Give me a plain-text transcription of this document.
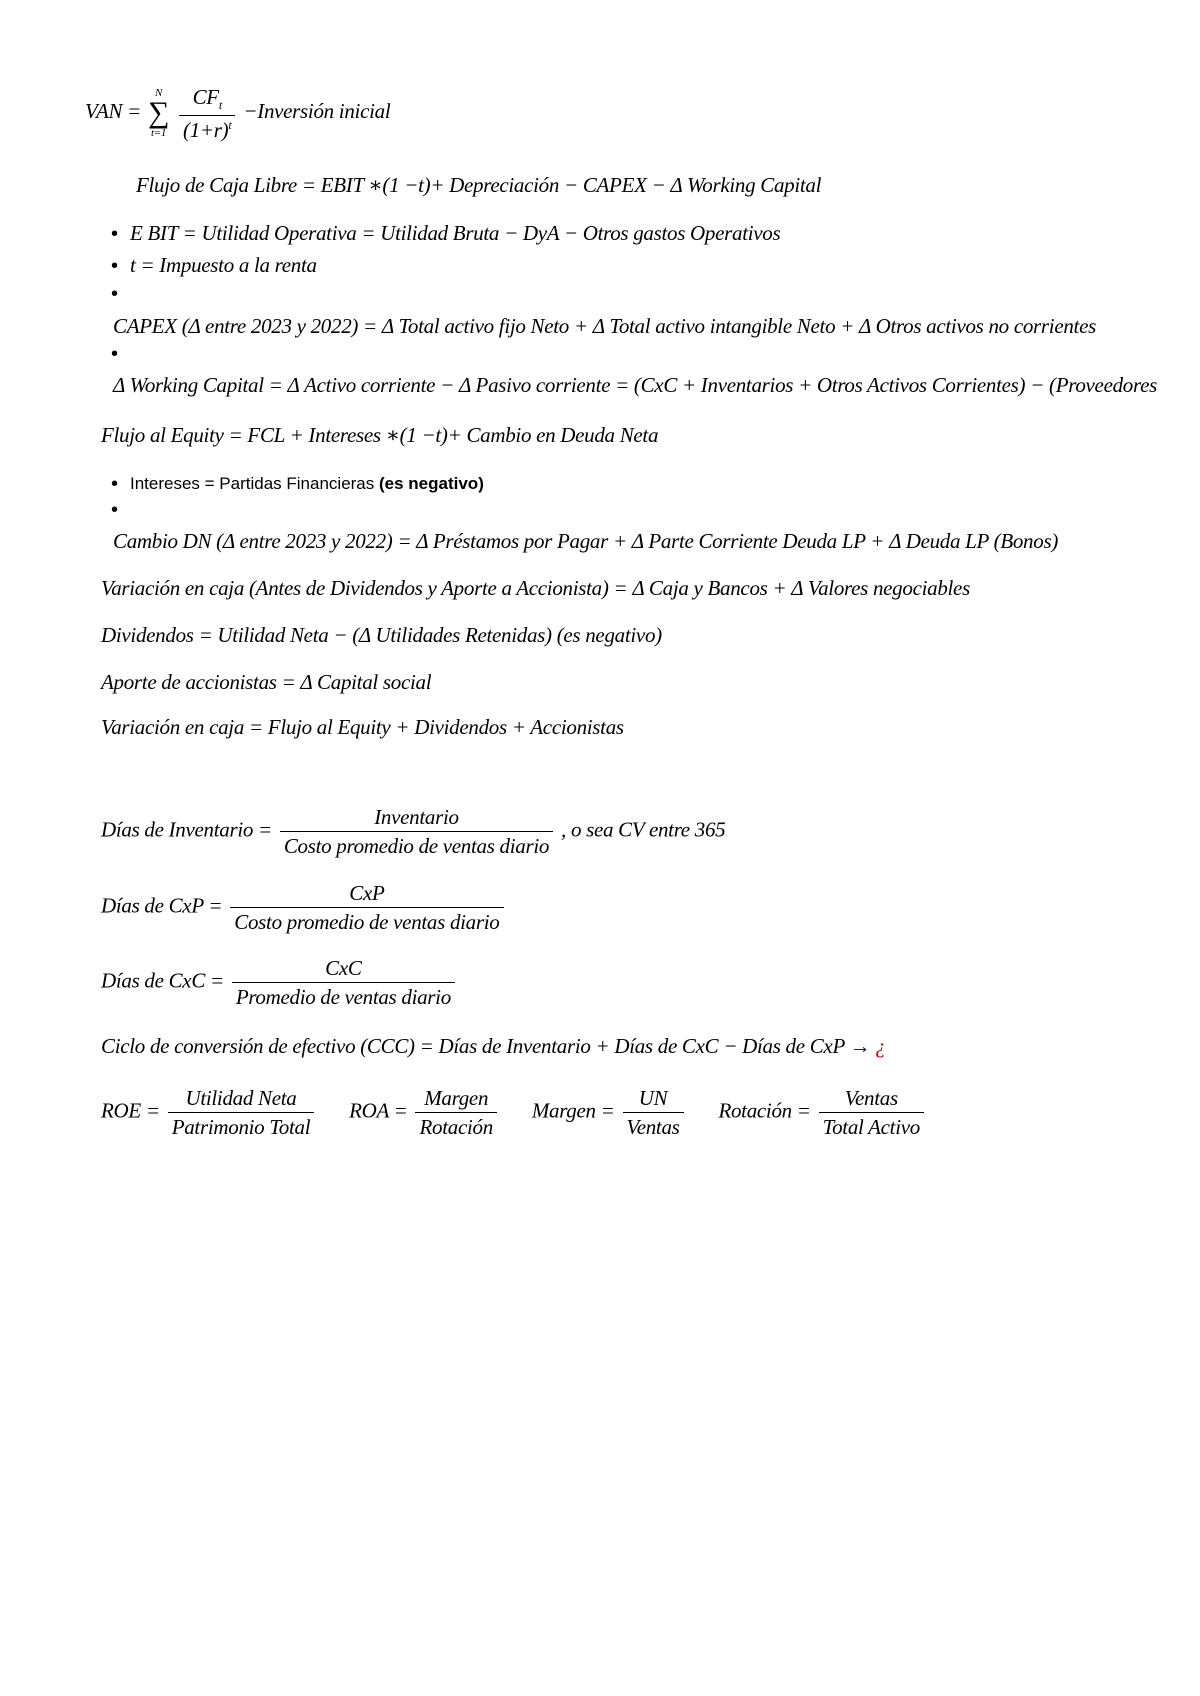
VAN =
N
∑
t=1
$\frac{CF_t}{(1+r)^t}$ −Inversión inicial
Flujo de Caja Libre = EBIT ∗(1 −t)+ Depreciación − CAPEX − Δ Working Capital
• E BIT = Utilidad Operativa = Utilidad Bruta − DyA − Otros gastos Operativos
• t = Impuesto a la renta
•
CAPEX (Δ entre 2023 y 2022) = Δ Total activo fijo Neto + Δ Total activo intangible Neto + Δ Otros activos no corrientes
•
Δ Working Capital = Δ Activo corriente − Δ Pasivo corriente = (CxC + Inventarios + Otros Activos Corrientes) − (Proveedores
Flujo al Equity = FCL + Intereses ∗(1 −t)+ Cambio en Deuda Neta
• Intereses = Partidas Financieras (es negativo)
•
Cambio DN (Δ entre 2023 y 2022) = Δ Préstamos por Pagar + Δ Parte Corriente Deuda LP + Δ Deuda LP (Bonos)
Variación en caja (Antes de Dividendos y Aporte a Accionista) = Δ Caja y Bancos + Δ Valores negociables
Dividendos = Utilidad Neta − (Δ Utilidades Retenidas) (es negativo)
Aporte de accionistas = Δ Capital social
Variación en caja = Flujo al Equity + Dividendos + Accionistas
Días de Inventario = $\frac{\text{Inventario}}{\text{Costo promedio de ventas diario}}$ , o sea CV entre 365
Días de CxP = $\frac{\text{CxP}}{\text{Costo promedio de ventas diario}}$
Días de CxC = $\frac{\text{CxC}}{\text{Promedio de ventas diario}}$
Ciclo de conversión de efectivo (CCC) = Días de Inventario + Días de CxC − Días de CxP → ¿
ROE = $\frac{\text{Utilidad Neta}}{\text{Patrimonio Total}}$ ROA = $\frac{\text{Margen}}{\text{Rotación}}$ Margen = $\frac{UN}{\text{Ventas}}$ Rotación = $\frac{\text{Ventas}}{\text{Total Activo}}$
